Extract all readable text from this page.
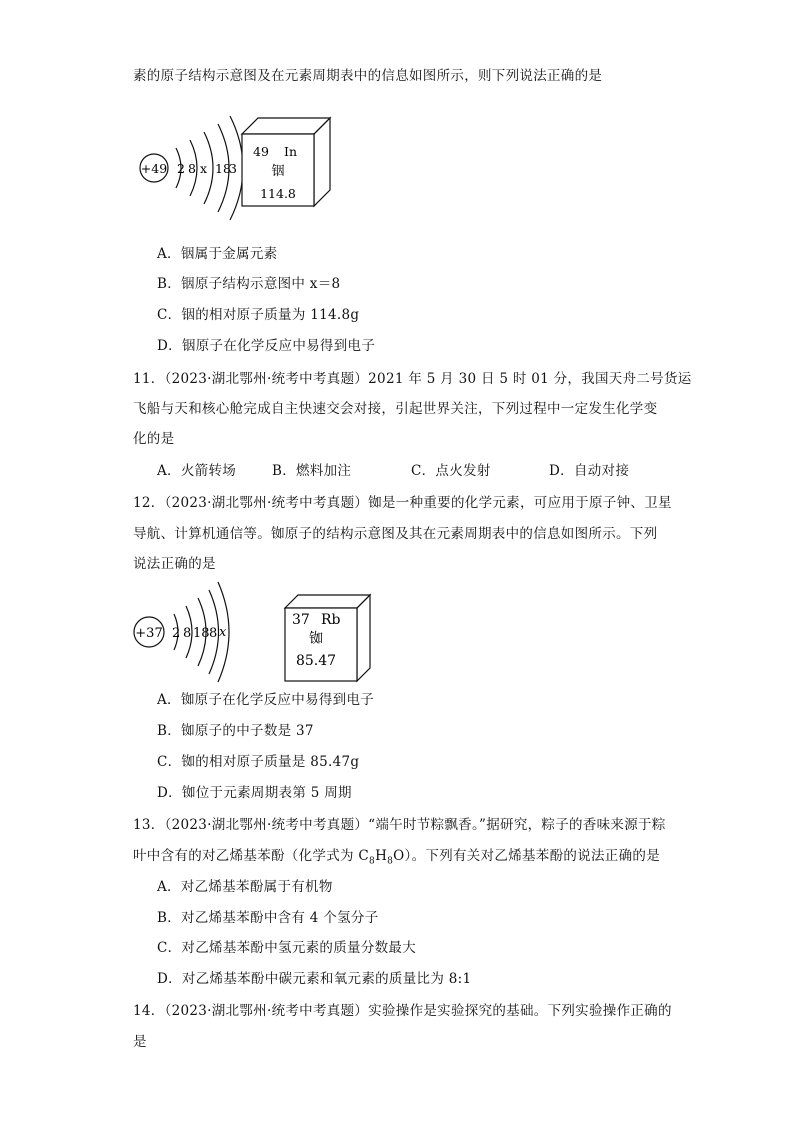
素的原子结构示意图及在元素周期表中的信息如图所示，则下列说法正确的是
+49 2 8 x 18
3
49 In
铟
114.8
A．铟属于金属元素
B．铟原子结构示意图中 x＝8
C．铟的相对原子质量为 114.8g
D．铟原子在化学反应中易得到电子
11．（2023·湖北鄂州·统考中考真题）2021 年 5 月 30 日 5 时 01 分，我国天舟二号货运
飞船与天和核心舱完成自主快速交会对接，引起世界关注，下列过程中一定发生化学变
化的是
A．火箭转场	B．燃料加注	C．点火发射	D．自动对接
12．（2023·湖北鄂州·统考中考真题）铷是一种重要的化学元素，可应用于原子钟、卫星
导航、计算机通信等。铷原子的结构示意图及其在元素周期表中的信息如图所示。下列
说法正确的是
+37 2 8 18 8 x
37 Rb
铷
85.47
A．铷原子在化学反应中易得到电子
B．铷原子的中子数是 37
C．铷的相对原子质量是 85.47g
D．铷位于元素周期表第 5 周期
13．（2023·湖北鄂州·统考中考真题）“端午时节粽飘香。”据研究，粽子的香味来源于粽
叶中含有的对乙烯基苯酚（化学式为 $C_8H_8O$）。下列有关对乙烯基苯酚的说法正确的是
A．对乙烯基苯酚属于有机物
B．对乙烯基苯酚中含有 4 个氢分子
C．对乙烯基苯酚中氢元素的质量分数最大
D．对乙烯基苯酚中碳元素和氧元素的质量比为 8:1
14．（2023·湖北鄂州·统考中考真题）实验操作是实验探究的基础。下列实验操作正确的
是
